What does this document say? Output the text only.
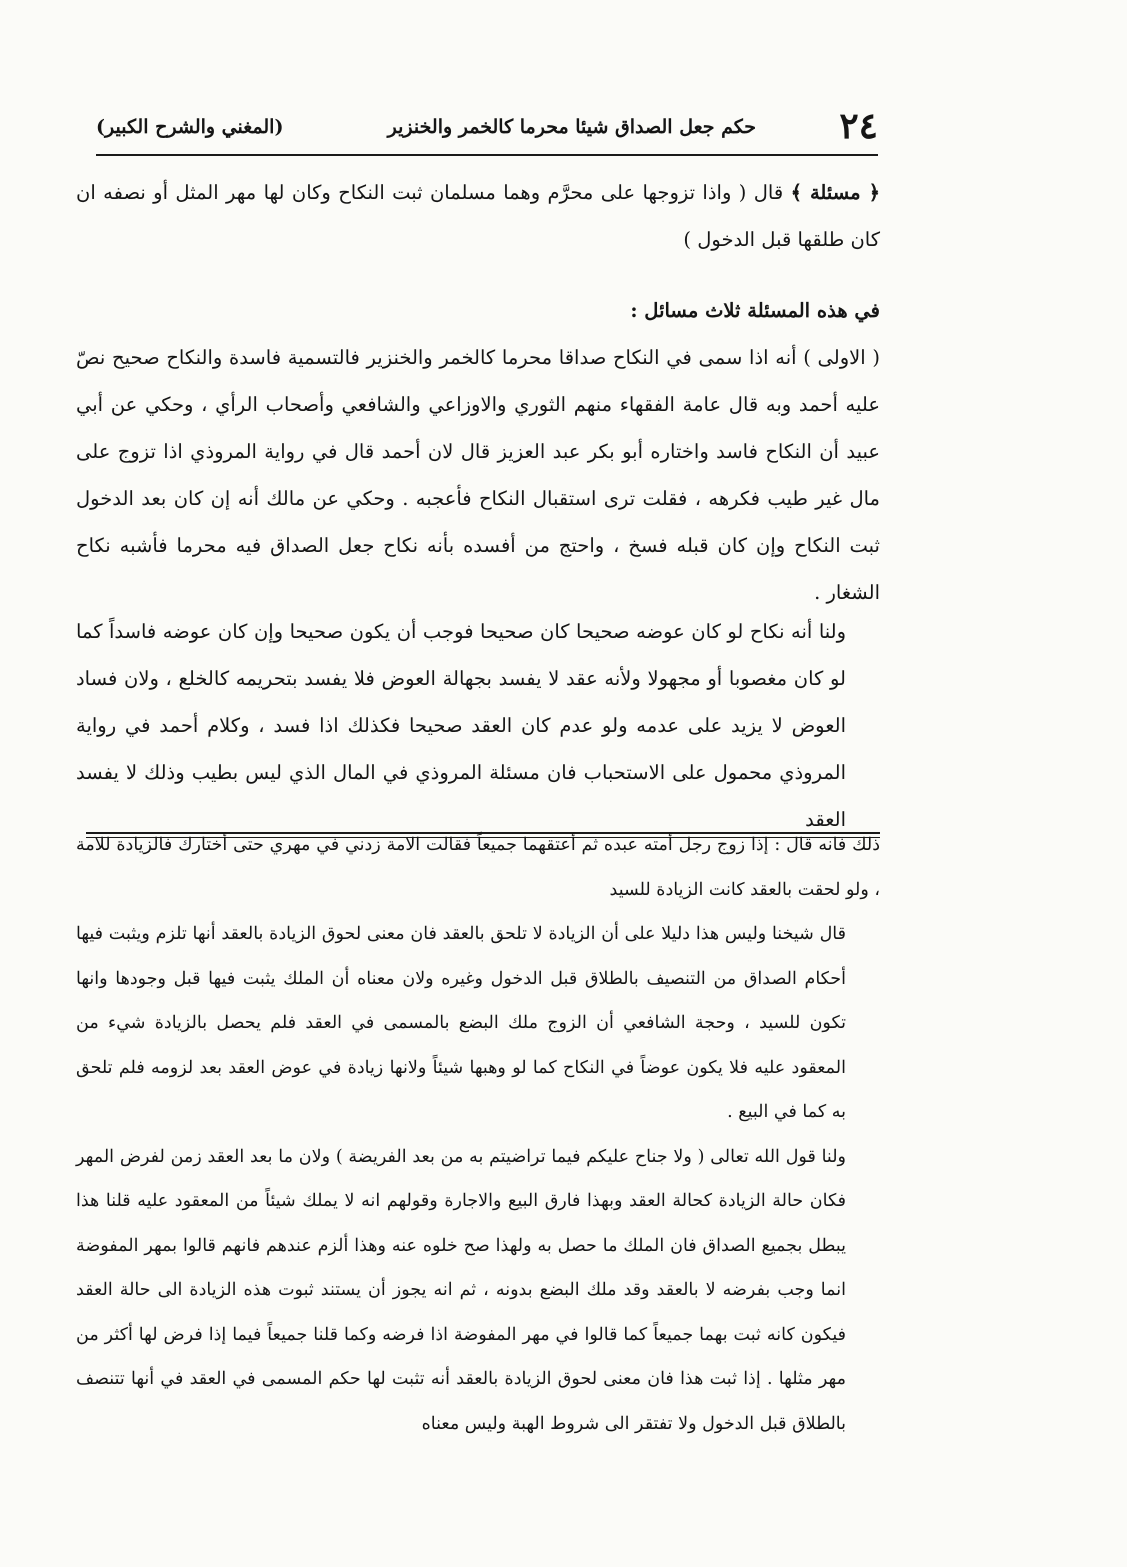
٢٤
حكم جعل الصداق شيئا محرما كالخمر والخنزير
(المغني والشرح الكبير)

﴿ مسئلة ﴾ قال ( واذا تزوجها على محرَّم وهما مسلمان ثبت النكاح وكان لها مهر المثل أو نصفه ان كان طلقها قبل الدخول )

في هذه المسئلة ثلاث مسائل :

( الاولى ) أنه اذا سمى في النكاح صداقا محرما كالخمر والخنزير فالتسمية فاسدة والنكاح صحيح نصّ عليه أحمد وبه قال عامة الفقهاء منهم الثوري والاوزاعي والشافعي وأصحاب الرأي ، وحكي عن أبي عبيد أن النكاح فاسد واختاره أبو بكر عبد العزيز قال لان أحمد قال في رواية المروذي اذا تزوج على مال غير طيب فكرهه ، فقلت ترى استقبال النكاح فأعجبه . وحكي عن مالك أنه إن كان بعد الدخول ثبت النكاح وإن كان قبله فسخ ، واحتج من أفسده بأنه نكاح جعل الصداق فيه محرما فأشبه نكاح الشغار .

ولنا أنه نكاح لو كان عوضه صحيحا كان صحيحا فوجب أن يكون صحيحا وإن كان عوضه فاسداً كما لو كان مغصوبا أو مجهولا ولأنه عقد لا يفسد بجهالة العوض فلا يفسد بتحريمه كالخلع ، ولان فساد العوض لا يزيد على عدمه ولو عدم كان العقد صحيحا فكذلك اذا فسد ، وكلام أحمد في رواية المروذي محمول على الاستحباب فان مسئلة المروذي في المال الذي ليس بطيب وذلك لا يفسد العقد

ذلك فانه قال : إذا زوج رجل أمته عبده ثم أعتقهما جميعاً فقالت الامة زدني في مهري حتى أختارك فالزيادة للامة ، ولو لحقت بالعقد كانت الزيادة للسيد

قال شيخنا وليس هذا دليلا على أن الزيادة لا تلحق بالعقد فان معنى لحوق الزيادة بالعقد أنها تلزم ويثبت فيها أحكام الصداق من التنصيف بالطلاق قبل الدخول وغيره ولان معناه أن الملك يثبت فيها قبل وجودها وانها تكون للسيد ، وحجة الشافعي أن الزوج ملك البضع بالمسمى في العقد فلم يحصل بالزيادة شيء من المعقود عليه فلا يكون عوضاً في النكاح كما لو وهبها شيئاً ولانها زيادة في عوض العقد بعد لزومه فلم تلحق به كما في البيع .

ولنا قول الله تعالى ( ولا جناح عليكم فيما تراضيتم به من بعد الفريضة ) ولان ما بعد العقد زمن لفرض المهر فكان حالة الزيادة كحالة العقد وبهذا فارق البيع والاجارة وقولهم انه لا يملك شيئاً من المعقود عليه قلنا هذا يبطل بجميع الصداق فان الملك ما حصل به ولهذا صح خلوه عنه وهذا ألزم عندهم فانهم قالوا بمهر المفوضة انما وجب بفرضه لا بالعقد وقد ملك البضع بدونه ، ثم انه يجوز أن يستند ثبوت هذه الزيادة الى حالة العقد فيكون كانه ثبت بهما جميعاً كما قالوا في مهر المفوضة اذا فرضه وكما قلنا جميعاً فيما إذا فرض لها أكثر من مهر مثلها . إذا ثبت هذا فان معنى لحوق الزيادة بالعقد أنه تثبت لها حكم المسمى في العقد في أنها تتنصف بالطلاق قبل الدخول ولا تفتقر الى شروط الهبة وليس معناه
